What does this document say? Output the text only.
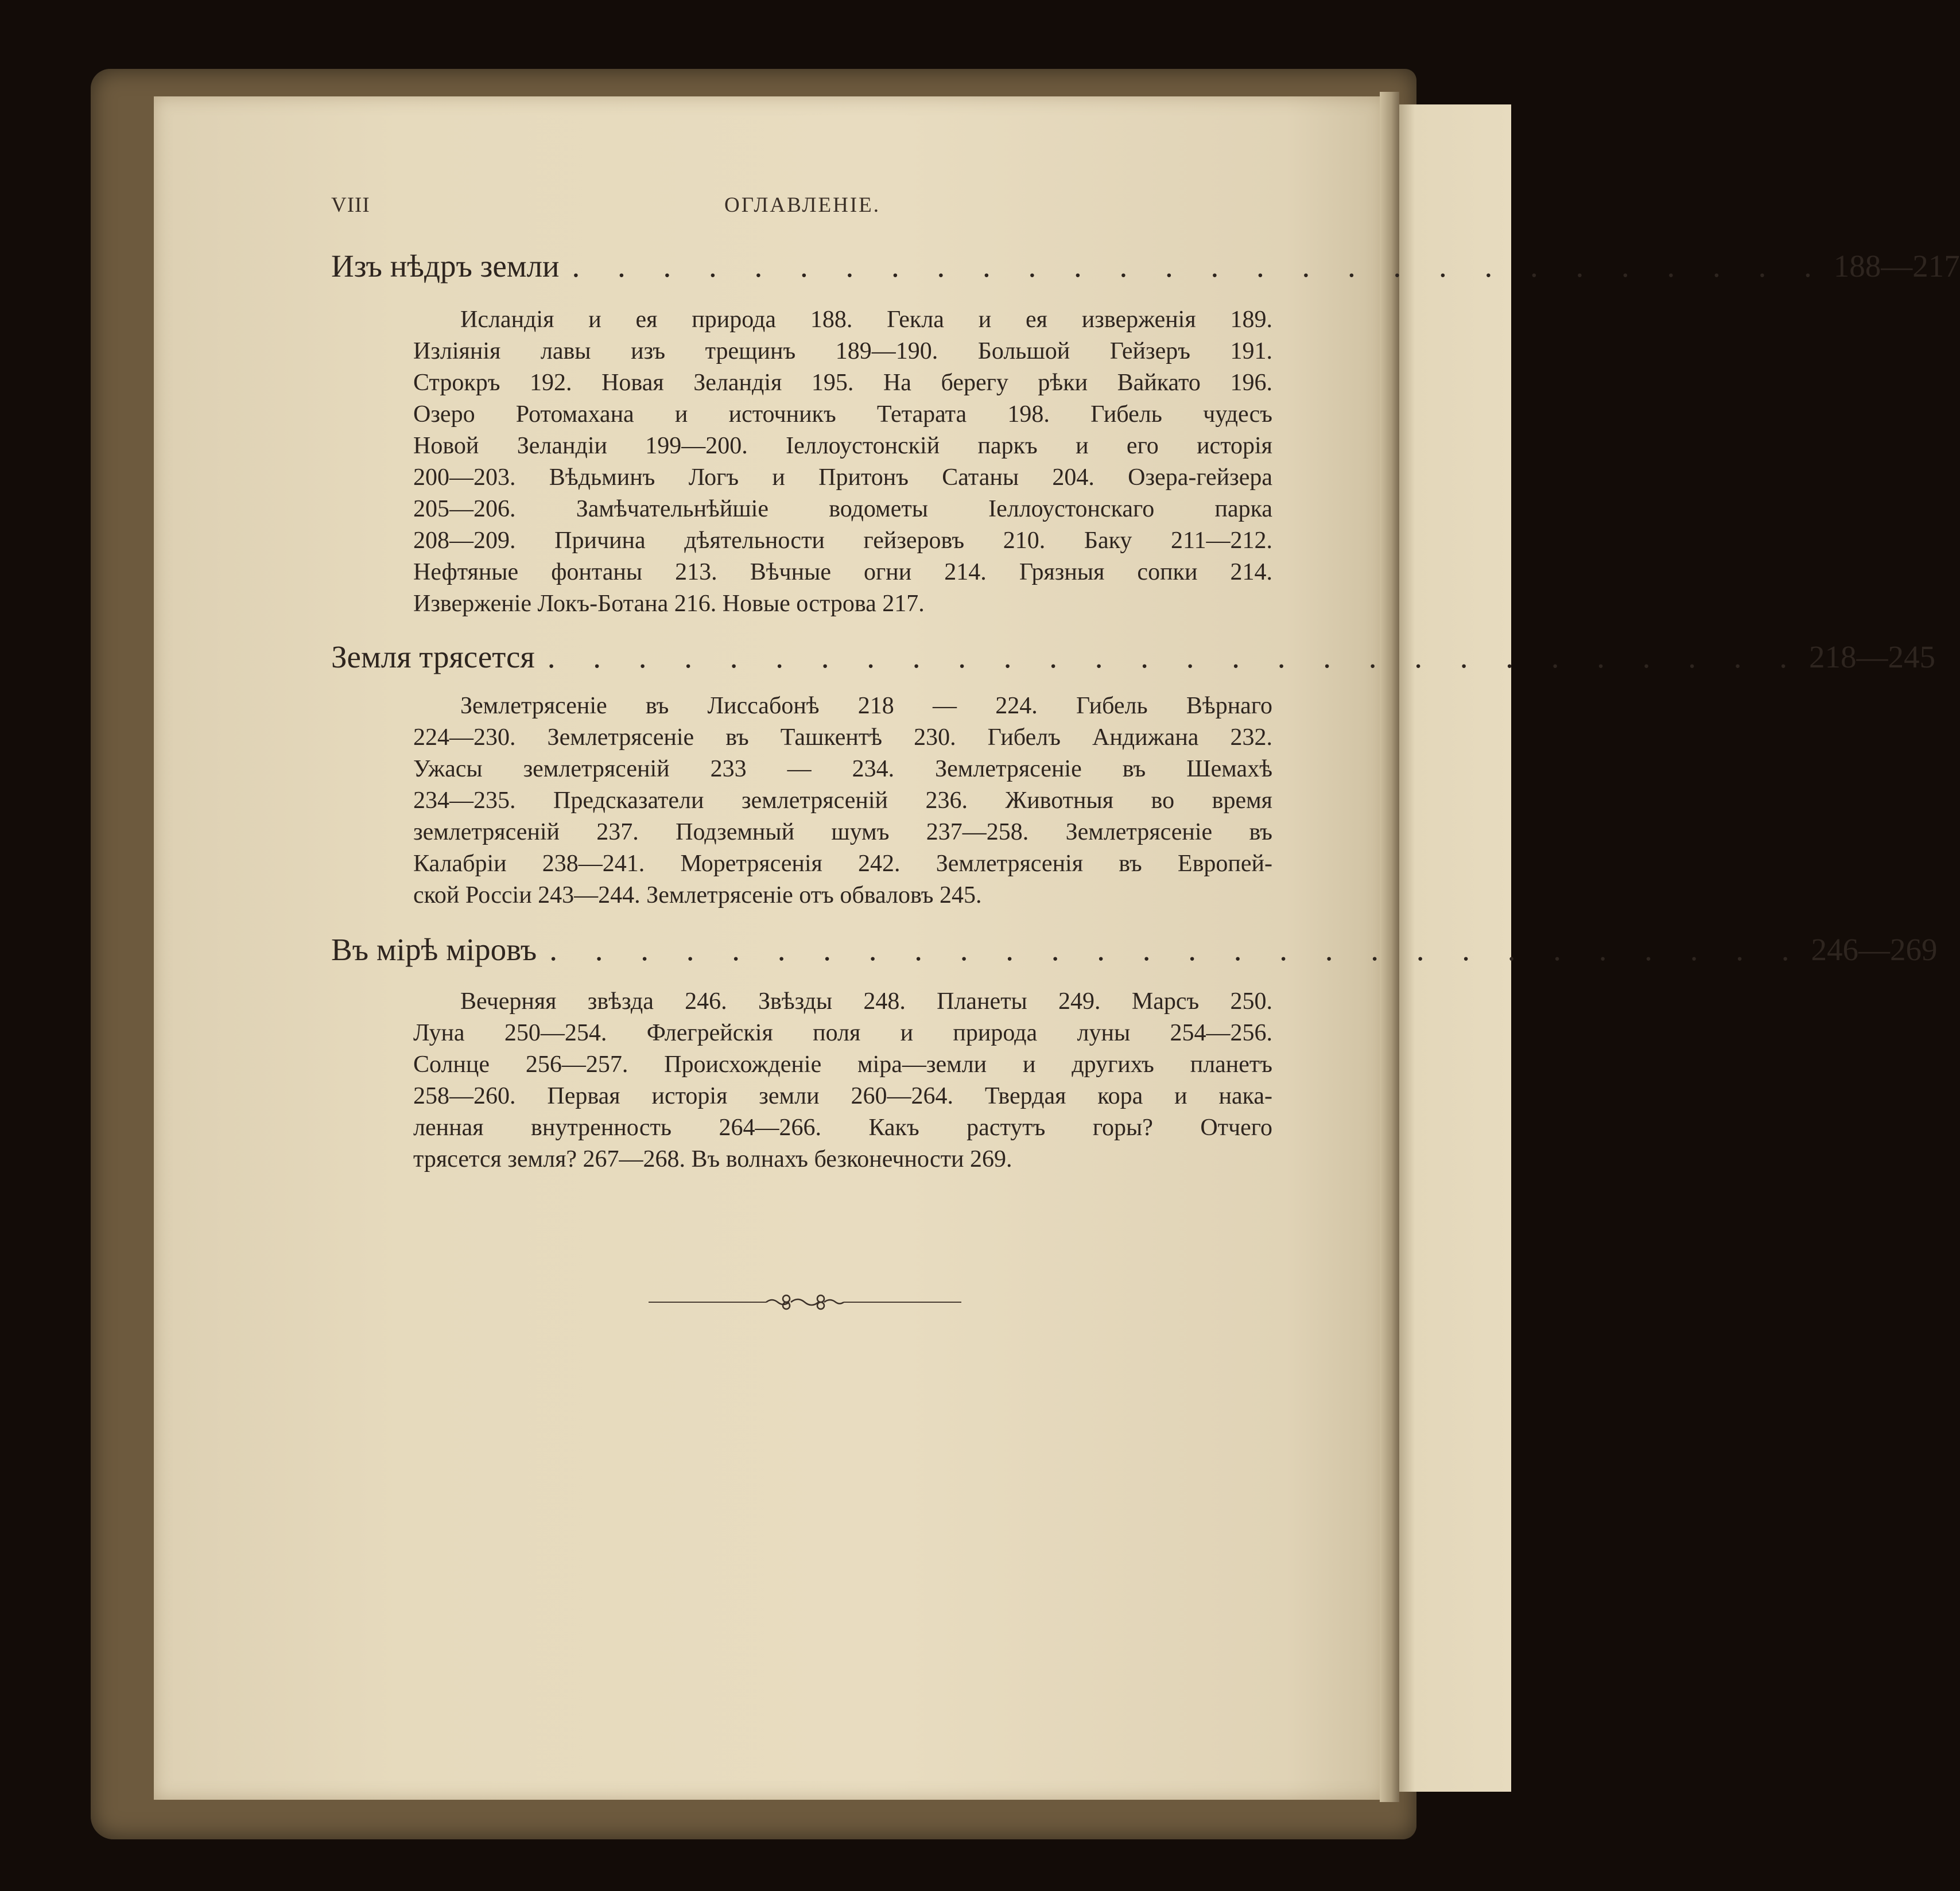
VIII	ОГЛАВЛЕНІЕ.
Изъ нѣдръ земли . . . . . . . . . . . . . . . . . . . . . . . . . . . . 188—217
Исландія и ея природа 188. Гекла и ея изверженія 189.
Изліянія лавы изъ трещинъ 189—190. Большой Гейзеръ 191.
Строкръ 192. Новая Зеландія 195. На берегу рѣки Вайкато 196.
Озеро Ротомахана и источникъ Тетарата 198. Гибель чудесъ
Новой Зеландіи 199—200. Іеллоустонскій паркъ и его исторія
200—203. Вѣдьминъ Логъ и Притонъ Сатаны 204. Озера-гейзера
205—206. Замѣчательнѣйшіе водометы Іеллоустонскаго парка
208—209. Причина дѣятельности гейзеровъ 210. Баку 211—212.
Нефтяные фонтаны 213. Вѣчные огни 214. Грязныя сопки 214.
Изверженіе Локъ-Ботана 216. Новые острова 217.
Земля трясется . . . . . . . . . . . . . . . . . . . . . . . . . . . . 218—245
Землетрясеніе въ Лиссабонѣ 218 — 224. Гибель Вѣрнаго
224—230. Землетрясеніе въ Ташкентѣ 230. Гибелъ Андижана 232.
Ужасы землетрясеній 233 — 234. Землетрясеніе въ Шемахѣ
234—235. Предсказатели землетрясеній 236. Животныя во время
землетрясеній 237. Подземный шумъ 237—258. Землетрясеніе въ
Калабріи 238—241. Моретрясенія 242. Землетрясенія въ Европей-
ской Россіи 243—244. Землетрясеніе отъ обваловъ 245.
Въ мірѣ міровъ . . . . . . . . . . . . . . . . . . . . . . . . . . . . 246—269
Вечерняя звѣзда 246. Звѣзды 248. Планеты 249. Марсъ 250.
Луна 250—254. Флегрейскія поля и природа луны 254—256.
Солнце 256—257. Происхожденіе міра—земли и другихъ планетъ
258—260. Первая исторія земли 260—264. Твердая кора и нака-
ленная внутренность 264—266. Какъ растутъ горы? Отчего
трясется земля? 267—268. Въ волнахъ безконечности 269.
